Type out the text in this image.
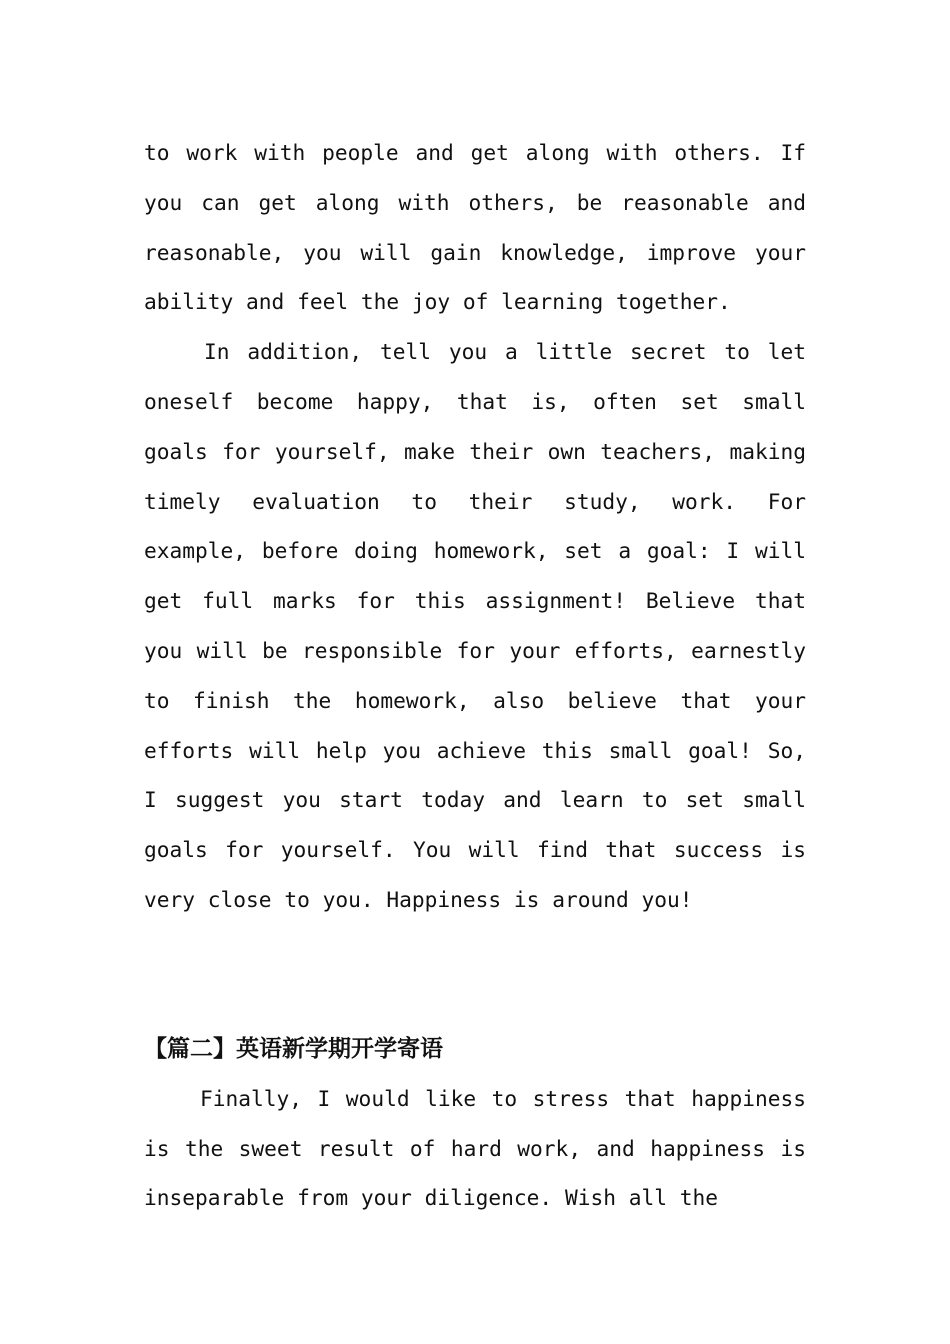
to work with people and get along with others. If you can get along with others, be reasonable and reasonable, you will gain knowledge, improve your ability and feel the joy of learning together.

In addition, tell you a little secret to let oneself become happy, that is, often set small goals for yourself, make their own teachers, making timely evaluation to their study, work. For example, before doing homework, set a goal: I will get full marks for this assignment! Believe that you will be responsible for your efforts, earnestly to finish the homework, also believe that your efforts will help you achieve this small goal! So, I suggest you start today and learn to set small goals for yourself. You will find that success is very close to you. Happiness is around you!

【篇二】英语新学期开学寄语

Finally, I would like to stress that happiness is the sweet result of hard work, and happiness is inseparable from your diligence. Wish all the
